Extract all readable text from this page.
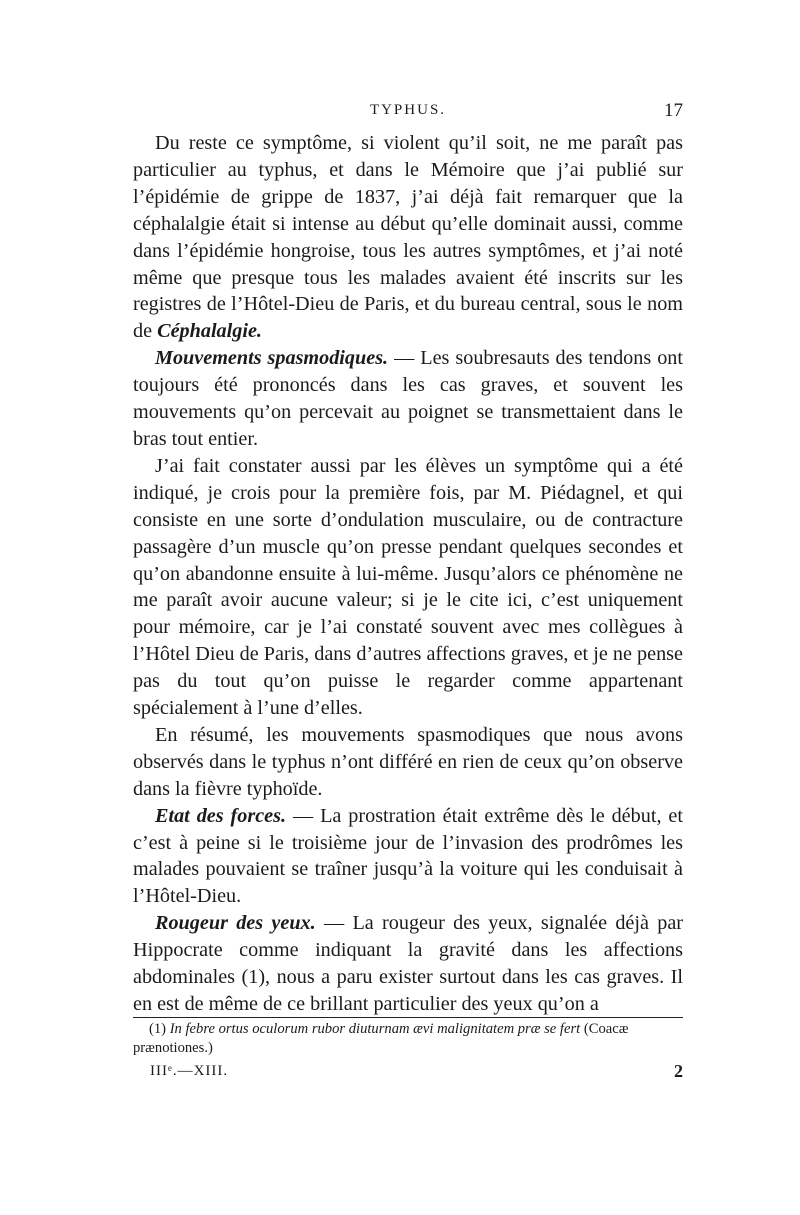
TYPHUS.	17

Du reste ce symptôme, si violent qu’il soit, ne me paraît pas particulier au typhus, et dans le Mémoire que j’ai publié sur l’épidémie de grippe de 1837, j’ai déjà fait remarquer que la céphalalgie était si intense au début qu’elle dominait aussi, comme dans l’épidémie hongroise, tous les autres symptômes, et j’ai noté même que presque tous les malades avaient été inscrits sur les registres de l’Hôtel-Dieu de Paris, et du bureau central, sous le nom de Céphalalgie.

Mouvements spasmodiques. — Les soubresauts des tendons ont toujours été prononcés dans les cas graves, et souvent les mouvements qu’on percevait au poignet se transmettaient dans le bras tout entier.

J’ai fait constater aussi par les élèves un symptôme qui a été indiqué, je crois pour la première fois, par M. Piédagnel, et qui consiste en une sorte d’ondulation musculaire, ou de contracture passagère d’un muscle qu’on presse pendant quelques secondes et qu’on abandonne ensuite à lui-même. Jusqu’alors ce phénomène ne me paraît avoir aucune valeur; si je le cite ici, c’est uniquement pour mémoire, car je l’ai constaté souvent avec mes collègues à l’Hôtel Dieu de Paris, dans d’autres affections graves, et je ne pense pas du tout qu’on puisse le regarder comme appartenant spécialement à l’une d’elles.

En résumé, les mouvements spasmodiques que nous avons observés dans le typhus n’ont différé en rien de ceux qu’on observe dans la fièvre typhoïde.

Etat des forces. — La prostration était extrême dès le début, et c’est à peine si le troisième jour de l’invasion des prodrômes les malades pouvaient se traîner jusqu’à la voiture qui les conduisait à l’Hôtel-Dieu.

Rougeur des yeux. — La rougeur des yeux, signalée déjà par Hippocrate comme indiquant la gravité dans les affections abdominales (1), nous a paru exister surtout dans les cas graves. Il en est de même de ce brillant particulier des yeux qu’on a

(1) In febre ortus oculorum rubor diuturnam ævi malignitatem præ se fert (Coacæ prænotiones.)

IIIᵉ.—XIII.	2
